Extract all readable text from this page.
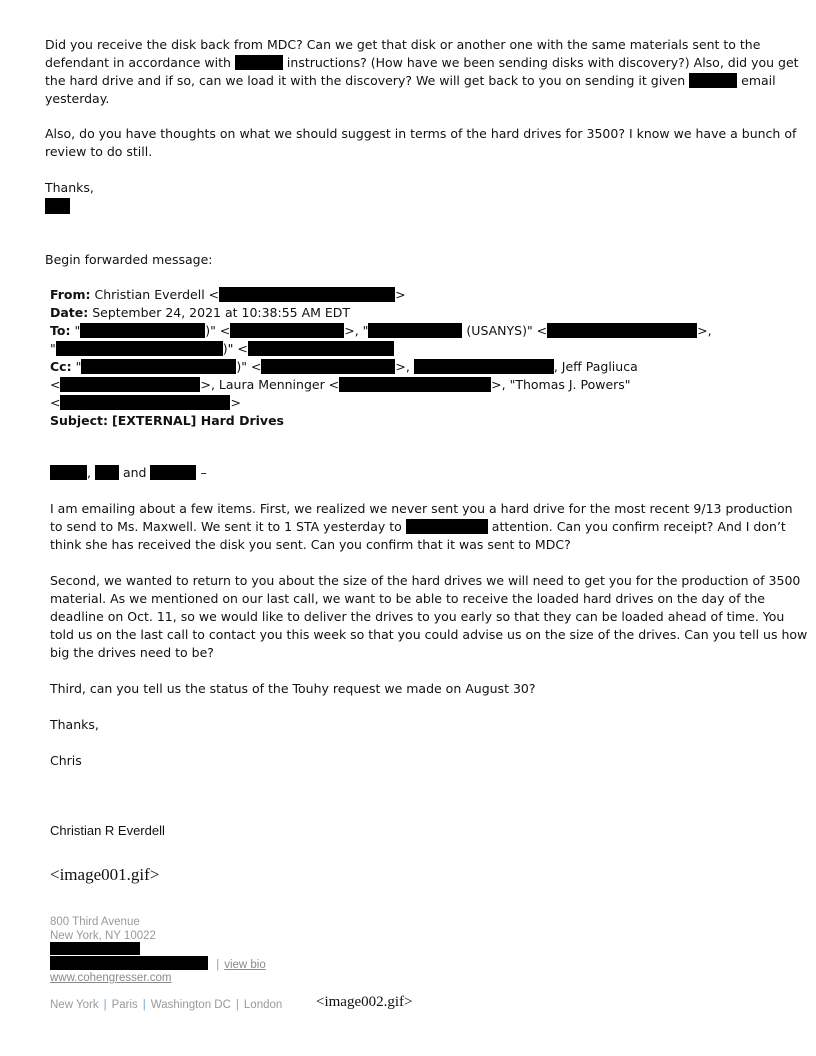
Did you receive the disk back from MDC? Can we get that disk or another one with the same materials sent to the
defendant in accordance with	instructions? (How have we been sending disks with discovery?) Also, did you get
the hard drive and if so, can we load it with the discovery? We will get back to you on sending it given	email
yesterday.
Also, do you have thoughts on what we should suggest in terms of the hard drives for 3500? I know we have a bunch of
review to do still.
Thanks,
Begin forwarded message:
From: Christian Everdell <	>
Date: September 24, 2021 at 10:38:55 AM EDT
To: "	)" <	>, "	(USANYS)" <	>,
"	)" <
Cc: "	)" <	>,	, Jeff Pagliuca
<	>, Laura Menninger <	>, "Thomas J. Powers"
<	>
Subject: [EXTERNAL] Hard Drives
,	and	–
I am emailing about a few items. First, we realized we never sent you a hard drive for the most recent 9/13 production
to send to Ms. Maxwell. We sent it to 1 STA yesterday to	attention. Can you confirm receipt? And I don’t
think she has received the disk you sent. Can you confirm that it was sent to MDC?
Second, we wanted to return to you about the size of the hard drives we will need to get you for the production of 3500
material. As we mentioned on our last call, we want to be able to receive the loaded hard drives on the day of the
deadline on Oct. 11, so we would like to deliver the drives to you early so that they can be loaded ahead of time. You
told us on the last call to contact you this week so that you could advise us on the size of the drives. Can you tell us how
big the drives need to be?
Third, can you tell us the status of the Touhy request we made on August 30?
Thanks,
Chris
Christian R Everdell
<image001.gif>
800 Third Avenue
New York, NY 10022
| view bio
www.cohengresser.com
New York | Paris | Washington DC | London <image002.gif>
